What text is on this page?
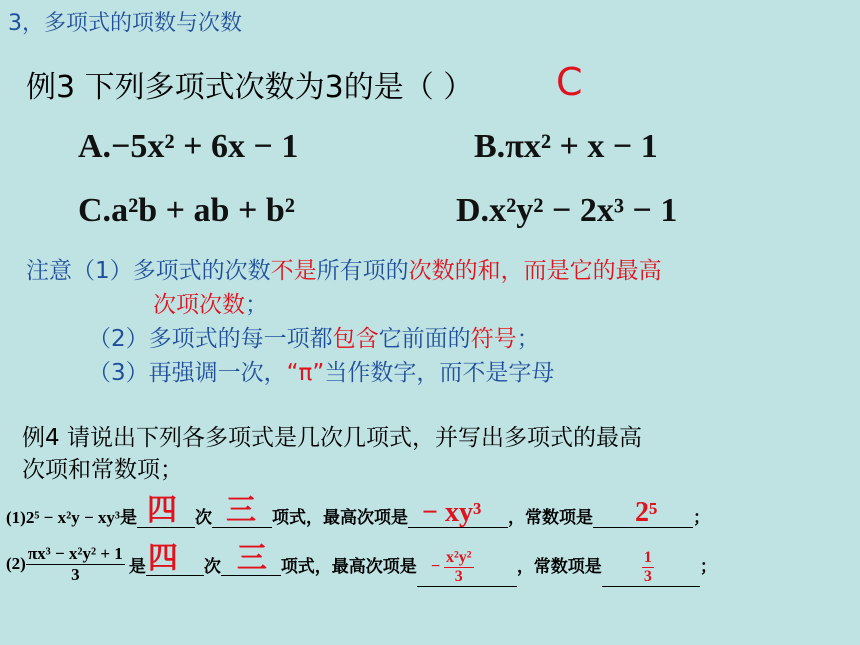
3，多项式的项数与次数
例3 下列多项式次数为3的是（ ） C
A.−5x² + 6x − 1	B.πx² + x − 1
C.a²b + ab + b²	D.x²y² − 2x³ − 1
注意（1）多项式的次数不是所有项的次数的和，而是它的最高
次项次数；
（2）多项式的每一项都包含它前面的符号；
（3）再强调一次，“π”当作数字，而不是字母
例4 请说出下列各多项式是几次几项式，并写出多项式的最高
次项和常数项；
(1) 2⁵ − x²y − xy³ 是 四 次 三 项式，最高次项是 − xy³ ，常数项是 2⁵ ；
$(2) \frac{\text{πx³ − x²y² + 1}}{3}$ 是 四 次 三 项式，最高次项是 − $\frac{\text{x²y²}}{3}$	，常数项是	$\frac{1}{3}$	；
